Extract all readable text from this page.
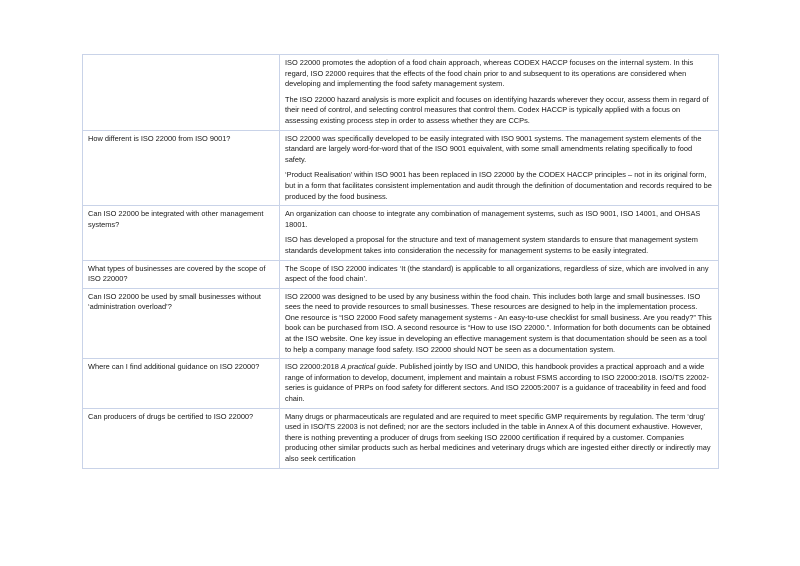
	ISO 22000 promotes the adoption of a food chain approach, whereas CODEX HACCP focuses on the internal system. In this regard, ISO 22000 requires that the effects of the food chain prior to and subsequent to its operations are considered when developing and implementing the food safety management system.

The ISO 22000 hazard analysis is more explicit and focuses on identifying hazards wherever they occur, assess them in regard of their need of control, and selecting control measures that control them. Codex HACCP is typically applied with a focus on assessing existing process step in order to assess whether they are CCPs.

How different is ISO 22000 from ISO 9001?	ISO 22000 was specifically developed to be easily integrated with ISO 9001 systems. The management system elements of the standard are largely word-for-word that of the ISO 9001 equivalent, with some small amendments relating specifically to food safety.

‘Product Realisation’ within ISO 9001 has been replaced in ISO 22000 by the CODEX HACCP principles – not in its original form, but in a form that facilitates consistent implementation and audit through the definition of documentation and records required to be produced by the food business.

Can ISO 22000 be integrated with other management systems?	An organization can choose to integrate any combination of management systems, such as ISO 9001, ISO 14001, and OHSAS 18001.

ISO has developed a proposal for the structure and text of management system standards to ensure that management system standards development takes into consideration the necessity for management systems to be easily integrated.

What types of businesses are covered by the scope of ISO 22000?	The Scope of ISO 22000 indicates ‘It (the standard) is applicable to all organizations, regardless of size, which are involved in any aspect of the food chain’.

Can ISO 22000 be used by small businesses without ‘administration overload’?	ISO 22000 was designed to be used by any business within the food chain. This includes both large and small businesses. ISO sees the need to provide resources to small businesses. These resources are designed to help in the implementation process. One resource is “ISO 22000 Food safety management systems - An easy-to-use checklist for small business. Are you ready?” This book can be purchased from ISO. A second resource is “How to use ISO 22000.”. Information for both documents can be obtained at the ISO website. One key issue in developing an effective management system is that documentation should be seen as a tool to help a company manage food safety. ISO 22000 should NOT be seen as a documentation system.

Where can I find additional guidance on ISO 22000?	ISO 22000:2018 A practical guide. Published jointly by ISO and UNIDO, this handbook provides a practical approach and a wide range of information to develop, document, implement and maintain a robust FSMS according to ISO 22000:2018. ISO/TS 22002-series is guidance of PRPs on food safety for different sectors. And ISO 22005:2007 is a guidance of traceability in feed and food chain.

Can producers of drugs be certified to ISO 22000?	Many drugs or pharmaceuticals are regulated and are required to meet specific GMP requirements by regulation. The term ‘drug’ used in ISO/TS 22003 is not defined; nor are the sectors included in the table in Annex A of this document exhaustive. However, there is nothing preventing a producer of drugs from seeking ISO 22000 certification if required by a customer. Companies producing other similar products such as herbal medicines and veterinary drugs which are ingested either directly or indirectly may also seek certification
